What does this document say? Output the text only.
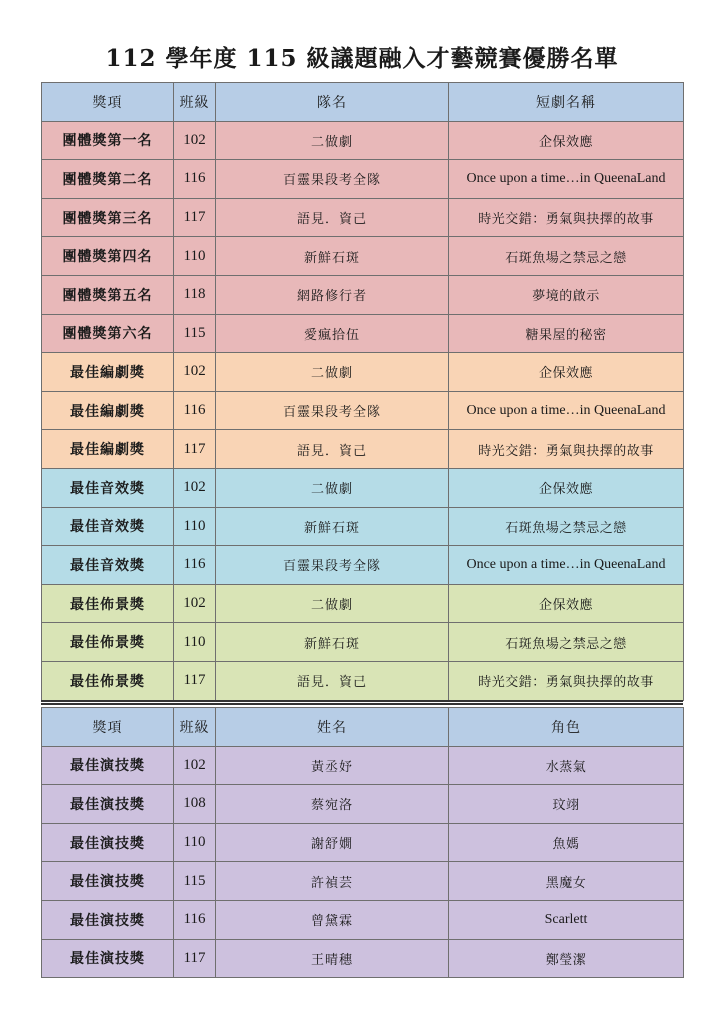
112 學年度 115 級議題融入才藝競賽優勝名單
獎項	班級	隊名	短劇名稱
團體獎第一名	102	二做劇	企保效應
團體獎第二名	116	百靈果段考全隊	Once upon a time…in QueenaLand
團體獎第三名	117	語見．資己	時光交錯：勇氣與抉擇的故事
團體獎第四名	110	新鮮石斑	石斑魚場之禁忌之戀
團體獎第五名	118	網路修行者	夢境的啟示
團體獎第六名	115	愛瘋拾伍	糖果屋的秘密
最佳編劇獎	102	二做劇	企保效應
最佳編劇獎	116	百靈果段考全隊	Once upon a time…in QueenaLand
最佳編劇獎	117	語見．資己	時光交錯：勇氣與抉擇的故事
最佳音效獎	102	二做劇	企保效應
最佳音效獎	110	新鮮石斑	石斑魚場之禁忌之戀
最佳音效獎	116	百靈果段考全隊	Once upon a time…in QueenaLand
最佳佈景獎	102	二做劇	企保效應
最佳佈景獎	110	新鮮石斑	石斑魚場之禁忌之戀
最佳佈景獎	117	語見．資己	時光交錯：勇氣與抉擇的故事
獎項	班級	姓名	角色
最佳演技獎	102	黃丞妤	水蒸氣
最佳演技獎	108	蔡宛洛	玟翊
最佳演技獎	110	謝舒嫺	魚媽
最佳演技獎	115	許禎芸	黑魔女
最佳演技獎	116	曾黛霖	Scarlett
最佳演技獎	117	王晴穗	鄭瑩潔
